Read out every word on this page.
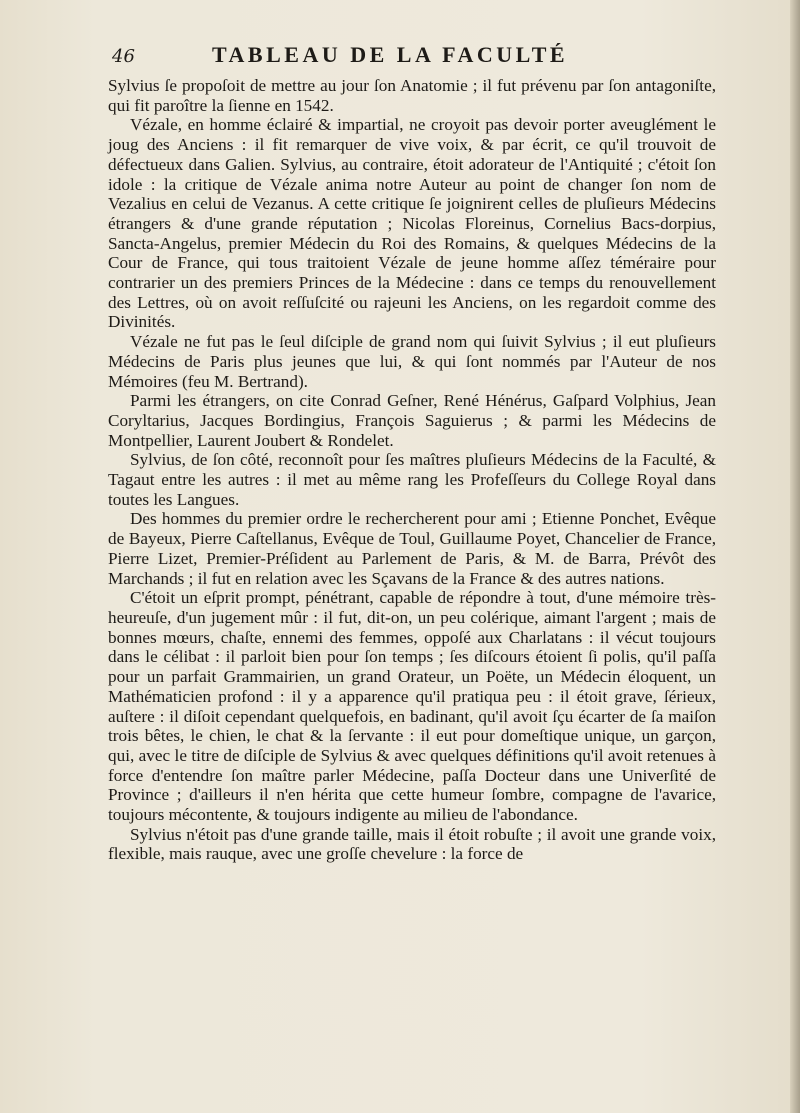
46	TABLEAU DE LA FACULTÉ

Sylvius ſe propoſoit de mettre au jour ſon Anatomie ; il fut prévenu par ſon antagoniſte, qui fit paroître la ſienne en 1542.

Vézale, en homme éclairé & impartial, ne croyoit pas devoir porter aveuglément le joug des Anciens : il fit remarquer de vive voix, & par écrit, ce qu'il trouvoit de défectueux dans Galien. Sylvius, au contraire, étoit adorateur de l'Antiquité ; c'étoit ſon idole : la critique de Vézale anima notre Auteur au point de changer ſon nom de Vezalius en celui de Vezanus. A cette critique ſe joignirent celles de pluſieurs Médecins étrangers & d'une grande réputation ; Nicolas Floreinus, Cornelius Bacs-dorpius, Sancta-Angelus, premier Médecin du Roi des Romains, & quelques Médecins de la Cour de France, qui tous traitoient Vézale de jeune homme aſſez téméraire pour contrarier un des premiers Princes de la Médecine : dans ce temps du renouvellement des Lettres, où on avoit reſſuſcité ou rajeuni les Anciens, on les regardoit comme des Divinités.

Vézale ne fut pas le ſeul diſciple de grand nom qui ſuivit Sylvius ; il eut pluſieurs Médecins de Paris plus jeunes que lui, & qui ſont nommés par l'Auteur de nos Mémoires (feu M. Bertrand).

Parmi les étrangers, on cite Conrad Geſner, René Hénérus, Gaſpard Volphius, Jean Coryltarius, Jacques Bordingius, François Saguierus ; & parmi les Médecins de Montpellier, Laurent Joubert & Rondelet.

Sylvius, de ſon côté, reconnoît pour ſes maîtres pluſieurs Médecins de la Faculté, & Tagaut entre les autres : il met au même rang les Profeſſeurs du College Royal dans toutes les Langues.

Des hommes du premier ordre le rechercherent pour ami ; Etienne Ponchet, Evêque de Bayeux, Pierre Caſtellanus, Evêque de Toul, Guillaume Poyet, Chancelier de France, Pierre Lizet, Premier-Préſident au Parlement de Paris, & M. de Barra, Prévôt des Marchands ; il fut en relation avec les Sçavans de la France & des autres nations.

C'étoit un eſprit prompt, pénétrant, capable de répondre à tout, d'une mémoire très-heureuſe, d'un jugement mûr : il fut, dit-on, un peu colérique, aimant l'argent ; mais de bonnes mœurs, chaſte, ennemi des femmes, oppoſé aux Charlatans : il vécut toujours dans le célibat : il parloit bien pour ſon temps ; ſes diſcours étoient ſi polis, qu'il paſſa pour un parfait Grammairien, un grand Orateur, un Poëte, un Médecin éloquent, un Mathématicien profond : il y a apparence qu'il pratiqua peu : il étoit grave, ſérieux, auſtere : il diſoit cependant quelquefois, en badinant, qu'il avoit ſçu écarter de ſa maiſon trois bêtes, le chien, le chat & la ſervante : il eut pour domeſtique unique, un garçon, qui, avec le titre de diſciple de Sylvius & avec quelques définitions qu'il avoit retenues à force d'entendre ſon maître parler Médecine, paſſa Docteur dans une Univerſité de Province ; d'ailleurs il n'en hérita que cette humeur ſombre, compagne de l'avarice, toujours mécontente, & toujours indigente au milieu de l'abondance.

Sylvius n'étoit pas d'une grande taille, mais il étoit robuſte ; il avoit une grande voix, flexible, mais rauque, avec une groſſe chevelure : la force de
